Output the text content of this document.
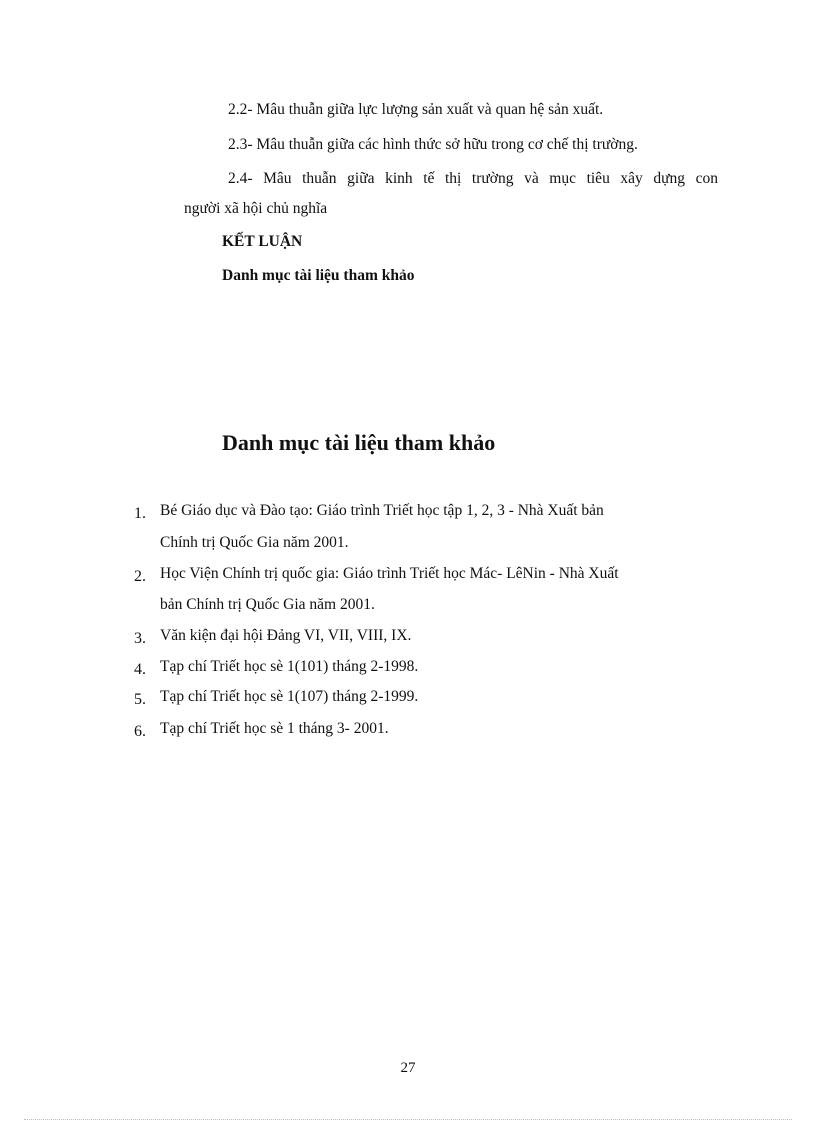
2.2- Mâu thuẫn giữa lực lượng sản xuất và quan hệ sản xuất.
2.3- Mâu thuẫn giữa các hình thức sở hữu trong cơ chế thị trường.
2.4- Mâu thuẫn giữa kinh tế thị trường và mục tiêu xây dựng con
người xã hội chủ nghĩa
KẾT LUẬN
Danh mục tài liệu tham khảo
Danh mục tài liệu tham khảo
1. Bé Giáo dục và Đào tạo: Giáo trình Triết học tập 1, 2, 3 - Nhà Xuất bản
Chính trị Quốc Gia năm 2001.
2. Học Viện Chính trị quốc gia: Giáo trình Triết học Mác- LêNin - Nhà Xuất
bản Chính trị Quốc Gia năm 2001.
3. Văn kiện đại hội Đảng VI, VII, VIII, IX.
4. Tạp chí Triết học sè 1(101) tháng 2-1998.
5. Tạp chí Triết học sè 1(107) tháng 2-1999.
6. Tạp chí Triết học sè 1 tháng 3- 2001.
27
